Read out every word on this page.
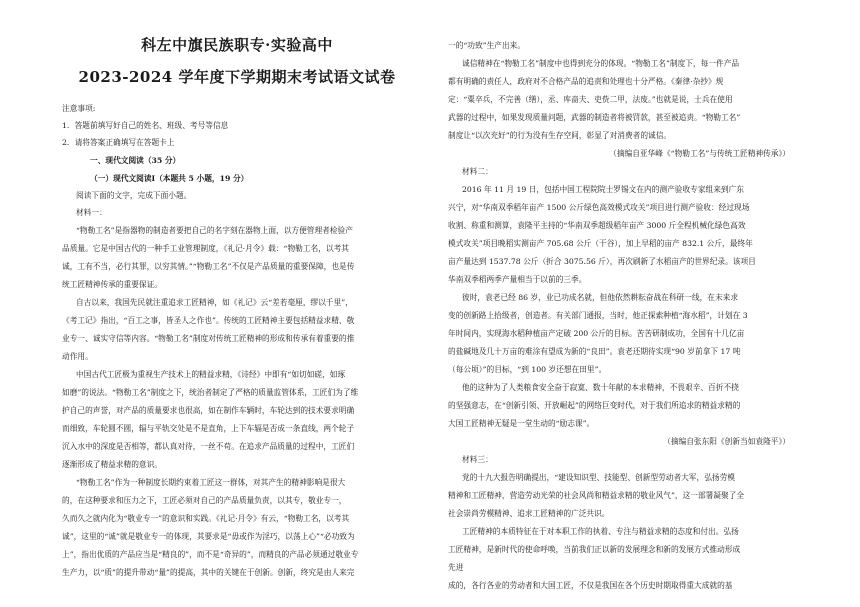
科左中旗民族职专·实验高中
2023-2024 学年度下学期期末考试语文试卷
注意事项:
1．答题前填写好自己的姓名、班级、考号等信息
2．请将答案正确填写在答题卡上
一、现代文阅读（35 分）
（一）现代文阅读Ⅰ（本题共 5 小题，19 分）
阅读下面的文字，完成下面小题。
材料一：
“物勒工名”是指器物的制造者要把自己的名字刻在器物上面，以方便管理者检验产
品质量。它是中国古代的一种手工业管理制度，《礼记·月令》载：“物勒工名，以考其
诚，工有不当，必行其罪，以穷其情。”“物勒工名”不仅是产品质量的重要保障，也是传
统工匠精神传承的重要保证。
自古以来，我国先民就注重追求工匠精神，如《礼记》云“差若毫厘，缪以千里”，
《考工记》指出，“百工之事，皆圣人之作也”。传统的工匠精神主要包括精益求精、敬
业专一、诚实守信等内容。“物勒工名”制度对传统工匠精神的形成和传承有着重要的推
动作用。
中国古代工匠极为重视生产技术上的精益求精，《诗经》中即有“如切如磋，如琢
如磨”的说法。“物勒工名”制度之下，统治者制定了严格的质量监管体系，工匠们为了维
护自己的声誉，对产品的质量要求也很高，如在制作车辆时，车轮达到的技术要求明确
而细致，车轮圆不圆，辐与平轨交处是不是直角，上下车辐是否成一条直线，两个轮子
沉入水中的深度是否相等，都认真对待，一丝不苟。在追求产品质量的过程中，工匠们
逐渐形成了精益求精的意识。
“物勒工名”作为一种制度长期约束着工匠这一群体，对其产生的精神影响是很大
的，在这种要求和压力之下，工匠必须对自己的产品质量负责，以其专，敬业专一，
久而久之就内化为“敬业专一”的意识和实践。《礼记·月令》有云，“物勒工名，以考其
诚”，这里的“诚”就是敬业专一的体现，其要求是“毋或作为淫巧，以荡上心”“必功致为
上”，指出优质的产品应当是“精良的”，而不是“奇异的”，而精良的产品必须通过敬业专
生产力，以“质”的提升带动“量”的提高，其中的关键在于创新。创新，终究是由人来完
一的“功致”生产出来。
诚信精神在“物勒工名”制度中也得到充分的体现。“物勒工名”制度下，每一件产品
都有明确的责任人，政府对不合格产品的追责和处理也十分严格。《秦律·杂抄》规
定：“粟卒兵，不完善（缮），丞、库啬夫、吏赀二甲，法废。”也就是说，士兵在使用
武器的过程中，如果发现质量问题，武器的制造者将被罚款，甚至被追责。“物勒工名”
制度让“以次充好”的行为没有生存空间，彰显了对消费者的诚信。
（摘编自亚华峰《“物勒工名”与传统工匠精神传承》）
材料二：
2016 年 11 月 19 日，包括中国工程院院士罗锡文在内的测产验收专家组来到广东
兴宁，对“华南双季稻年亩产 1500 公斤绿色高效模式攻关”项目进行测产验收：经过现场
收割、称重和测算，袁隆平主持的“华南双季超级稻年亩产 3000 斤全程机械化绿色高效
模式攻关”项目晚稻实测亩产 705.68 公斤（干谷），加上早稻的亩产 832.1 公斤，最终年
亩产量达到 1537.78 公斤（折合 3075.56 斤），再次刷新了水稻亩产的世界纪录。该项目
华南双季稻两季产量相当于以前的三季。
彼时，袁老已经 86 岁，业已功成名就，但他依然耕耘奋战在科研一线，在未来求
变的创新路上拾级者，创造者。有关部门通报，当时，他正探索种植“海水稻”，计划在 3
年时间内，实现海水稻种植亩产定破 200 公斤的目标。苦苦研制成功，全国有十几亿亩
的盐碱地及几十万亩的难涂有望成为新的“良田”。袁老还期待实现“90 岁前拿下 17 吨
（每公顷）”的目标，“到 100 岁还想在田里”。
他的这种为了人类粮食安全奋于寂寞、数十年献的本求精神，不畏艰辛、百折不挠
的坚强意志，在“创新引领、开放崛起”的网络巨变时代，对于我们所追求的精益求精的
大国工匠精神无疑是一堂生动的“励志课”。
（摘编自张东阳《创新当如袁隆平》）
材料三：
党的十九大报告明确提出，“建设知识型、技能型、创新型劳动者大军，弘扬劳模
精神和工匠精神，营造劳动光荣的社会风尚和精益求精的敬业风气”，这一部署凝聚了全
社会崇尚劳模精神、追求工匠精神的广泛共识。
工匠精神的本质特征在于对本职工作的执着、专注与精益求精的态度和付出。弘扬
工匠精神，是新时代的使命呼唤，当前我们正以新的发展理念和新的发展方式推动形成
先进
成的，各行各业的劳动者和大国工匠，不仅是我国在各个历史时期取得重大成就的基
